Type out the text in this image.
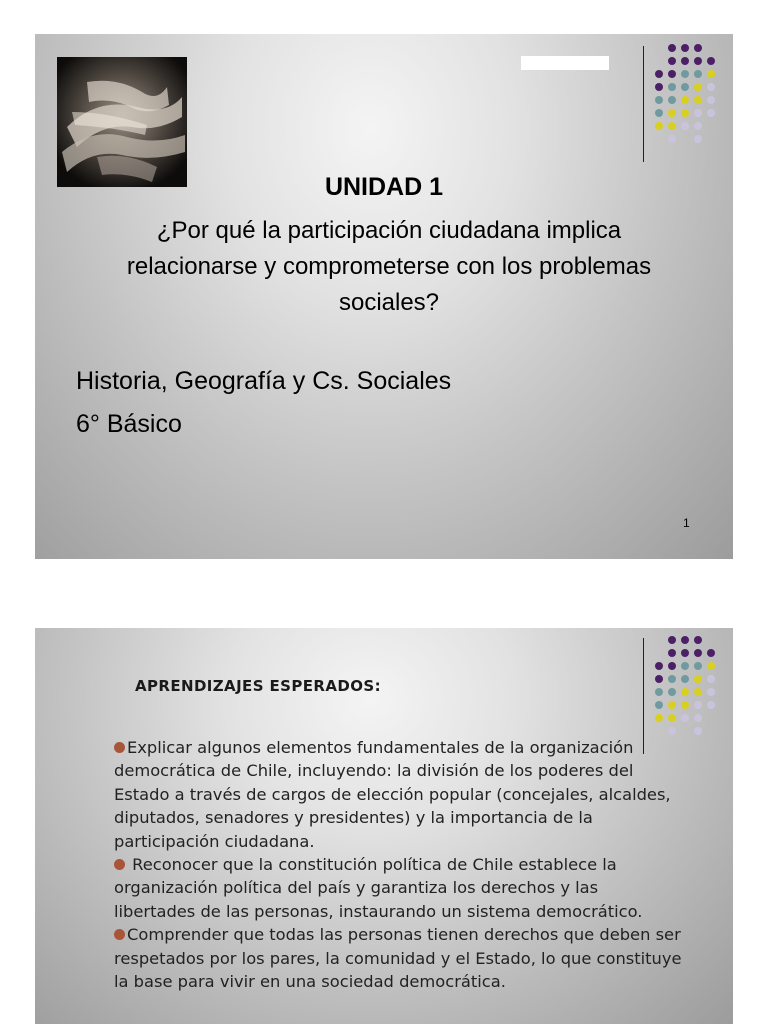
UNIDAD 1
¿Por qué la participación ciudadana implica relacionarse y comprometerse con los problemas sociales?
Historia, Geografía y Cs. Sociales
6° Básico
1
APRENDIZAJES ESPERADOS:

Explicar algunos elementos fundamentales de la organización democrática de Chile, incluyendo: la división de los poderes del Estado a través de cargos de elección popular (concejales, alcaldes, diputados, senadores y presidentes) y la importancia de la participación ciudadana.

Reconocer que la constitución política de Chile establece la organización política del país y garantiza los derechos y las libertades de las personas, instaurando un sistema democrático.

Comprender que todas las personas tienen derechos que deben ser respetados por los pares, la comunidad y el Estado, lo que constituye la base para vivir en una sociedad democrática.
